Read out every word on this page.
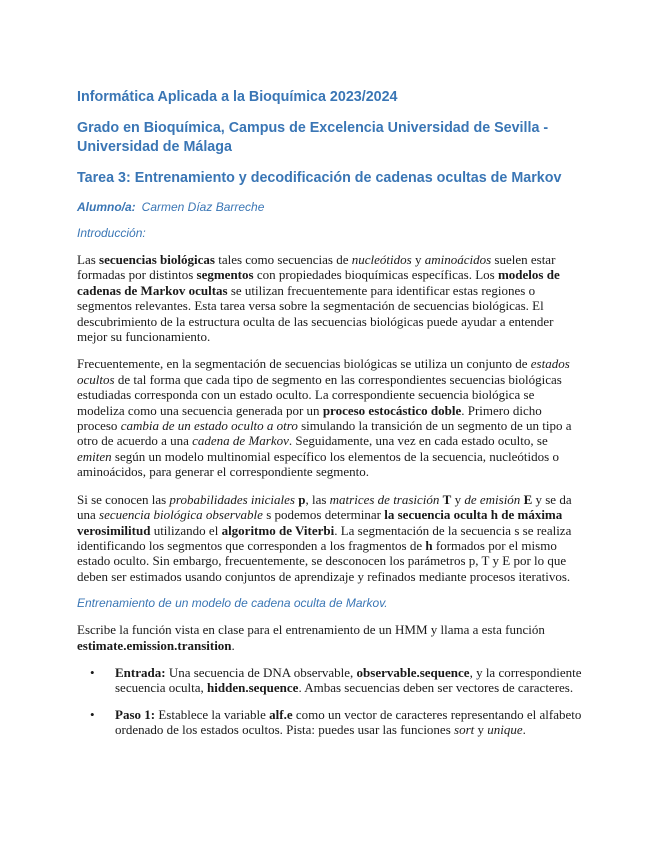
Informática Aplicada a la Bioquímica 2023/2024
Grado en Bioquímica, Campus de Excelencia Universidad de Sevilla - Universidad de Málaga
Tarea 3: Entrenamiento y decodificación de cadenas ocultas de Markov
Alumno/a: Carmen Díaz Barreche
Introducción:

Las secuencias biológicas tales como secuencias de nucleótidos y aminoácidos suelen estar formadas por distintos segmentos con propiedades bioquímicas específicas. Los modelos de cadenas de Markov ocultas se utilizan frecuentemente para identificar estas regiones o segmentos relevantes. Esta tarea versa sobre la segmentación de secuencias biológicas. El descubrimiento de la estructura oculta de las secuencias biológicas puede ayudar a entender mejor su funcionamiento.

Frecuentemente, en la segmentación de secuencias biológicas se utiliza un conjunto de estados ocultos de tal forma que cada tipo de segmento en las correspondientes secuencias biológicas estudiadas corresponda con un estado oculto. La correspondiente secuencia biológica se modeliza como una secuencia generada por un proceso estocástico doble. Primero dicho proceso cambia de un estado oculto a otro simulando la transición de un segmento de un tipo a otro de acuerdo a una cadena de Markov. Seguidamente, una vez en cada estado oculto, se emiten según un modelo multinomial específico los elementos de la secuencia, nucleótidos o aminoácidos, para generar el correspondiente segmento.

Si se conocen las probabilidades iniciales p, las matrices de trasición T y de emisión E y se da una secuencia biológica observable s podemos determinar la secuencia oculta h de máxima verosimilitud utilizando el algoritmo de Viterbi. La segmentación de la secuencia s se realiza identificando los segmentos que corresponden a los fragmentos de h formados por el mismo estado oculto. Sin embargo, frecuentemente, se desconocen los parámetros p, T y E por lo que deben ser estimados usando conjuntos de aprendizaje y refinados mediante procesos iterativos.

Entrenamiento de un modelo de cadena oculta de Markov.

Escribe la función vista en clase para el entrenamiento de un HMM y llama a esta función estimate.emission.transition.

• Entrada: Una secuencia de DNA observable, observable.sequence, y la correspondiente secuencia oculta, hidden.sequence. Ambas secuencias deben ser vectores de caracteres.
• Paso 1: Establece la variable alf.e como un vector de caracteres representando el alfabeto ordenado de los estados ocultos. Pista: puedes usar las funciones sort y unique.
